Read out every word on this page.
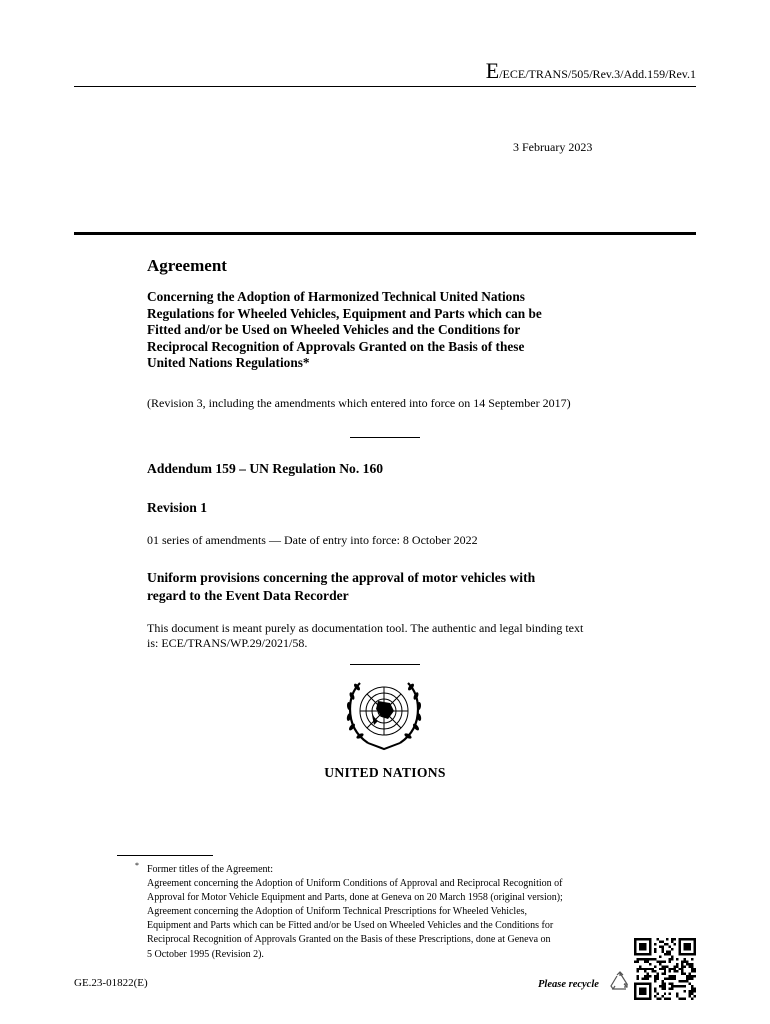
E/ECE/TRANS/505/Rev.3/Add.159/Rev.1
3 February 2023
Agreement
Concerning the Adoption of Harmonized Technical United Nations
Regulations for Wheeled Vehicles, Equipment and Parts which can be
Fitted and/or be Used on Wheeled Vehicles and the Conditions for
Reciprocal Recognition of Approvals Granted on the Basis of these
United Nations Regulations*
(Revision 3, including the amendments which entered into force on 14 September 2017)
Addendum 159 – UN Regulation No. 160
Revision 1
01 series of amendments — Date of entry into force: 8 October 2022
Uniform provisions concerning the approval of motor vehicles with
regard to the Event Data Recorder
This document is meant purely as documentation tool. The authentic and legal binding text
is: ECE/TRANS/WP.29/2021/58.
UNITED NATIONS
* Former titles of the Agreement:
Agreement concerning the Adoption of Uniform Conditions of Approval and Reciprocal Recognition of
Approval for Motor Vehicle Equipment and Parts, done at Geneva on 20 March 1958 (original version);
Agreement concerning the Adoption of Uniform Technical Prescriptions for Wheeled Vehicles,
Equipment and Parts which can be Fitted and/or be Used on Wheeled Vehicles and the Conditions for
Reciprocal Recognition of Approvals Granted on the Basis of these Prescriptions, done at Geneva on
5 October 1995 (Revision 2).
GE.23-01822(E)	Please recycle
